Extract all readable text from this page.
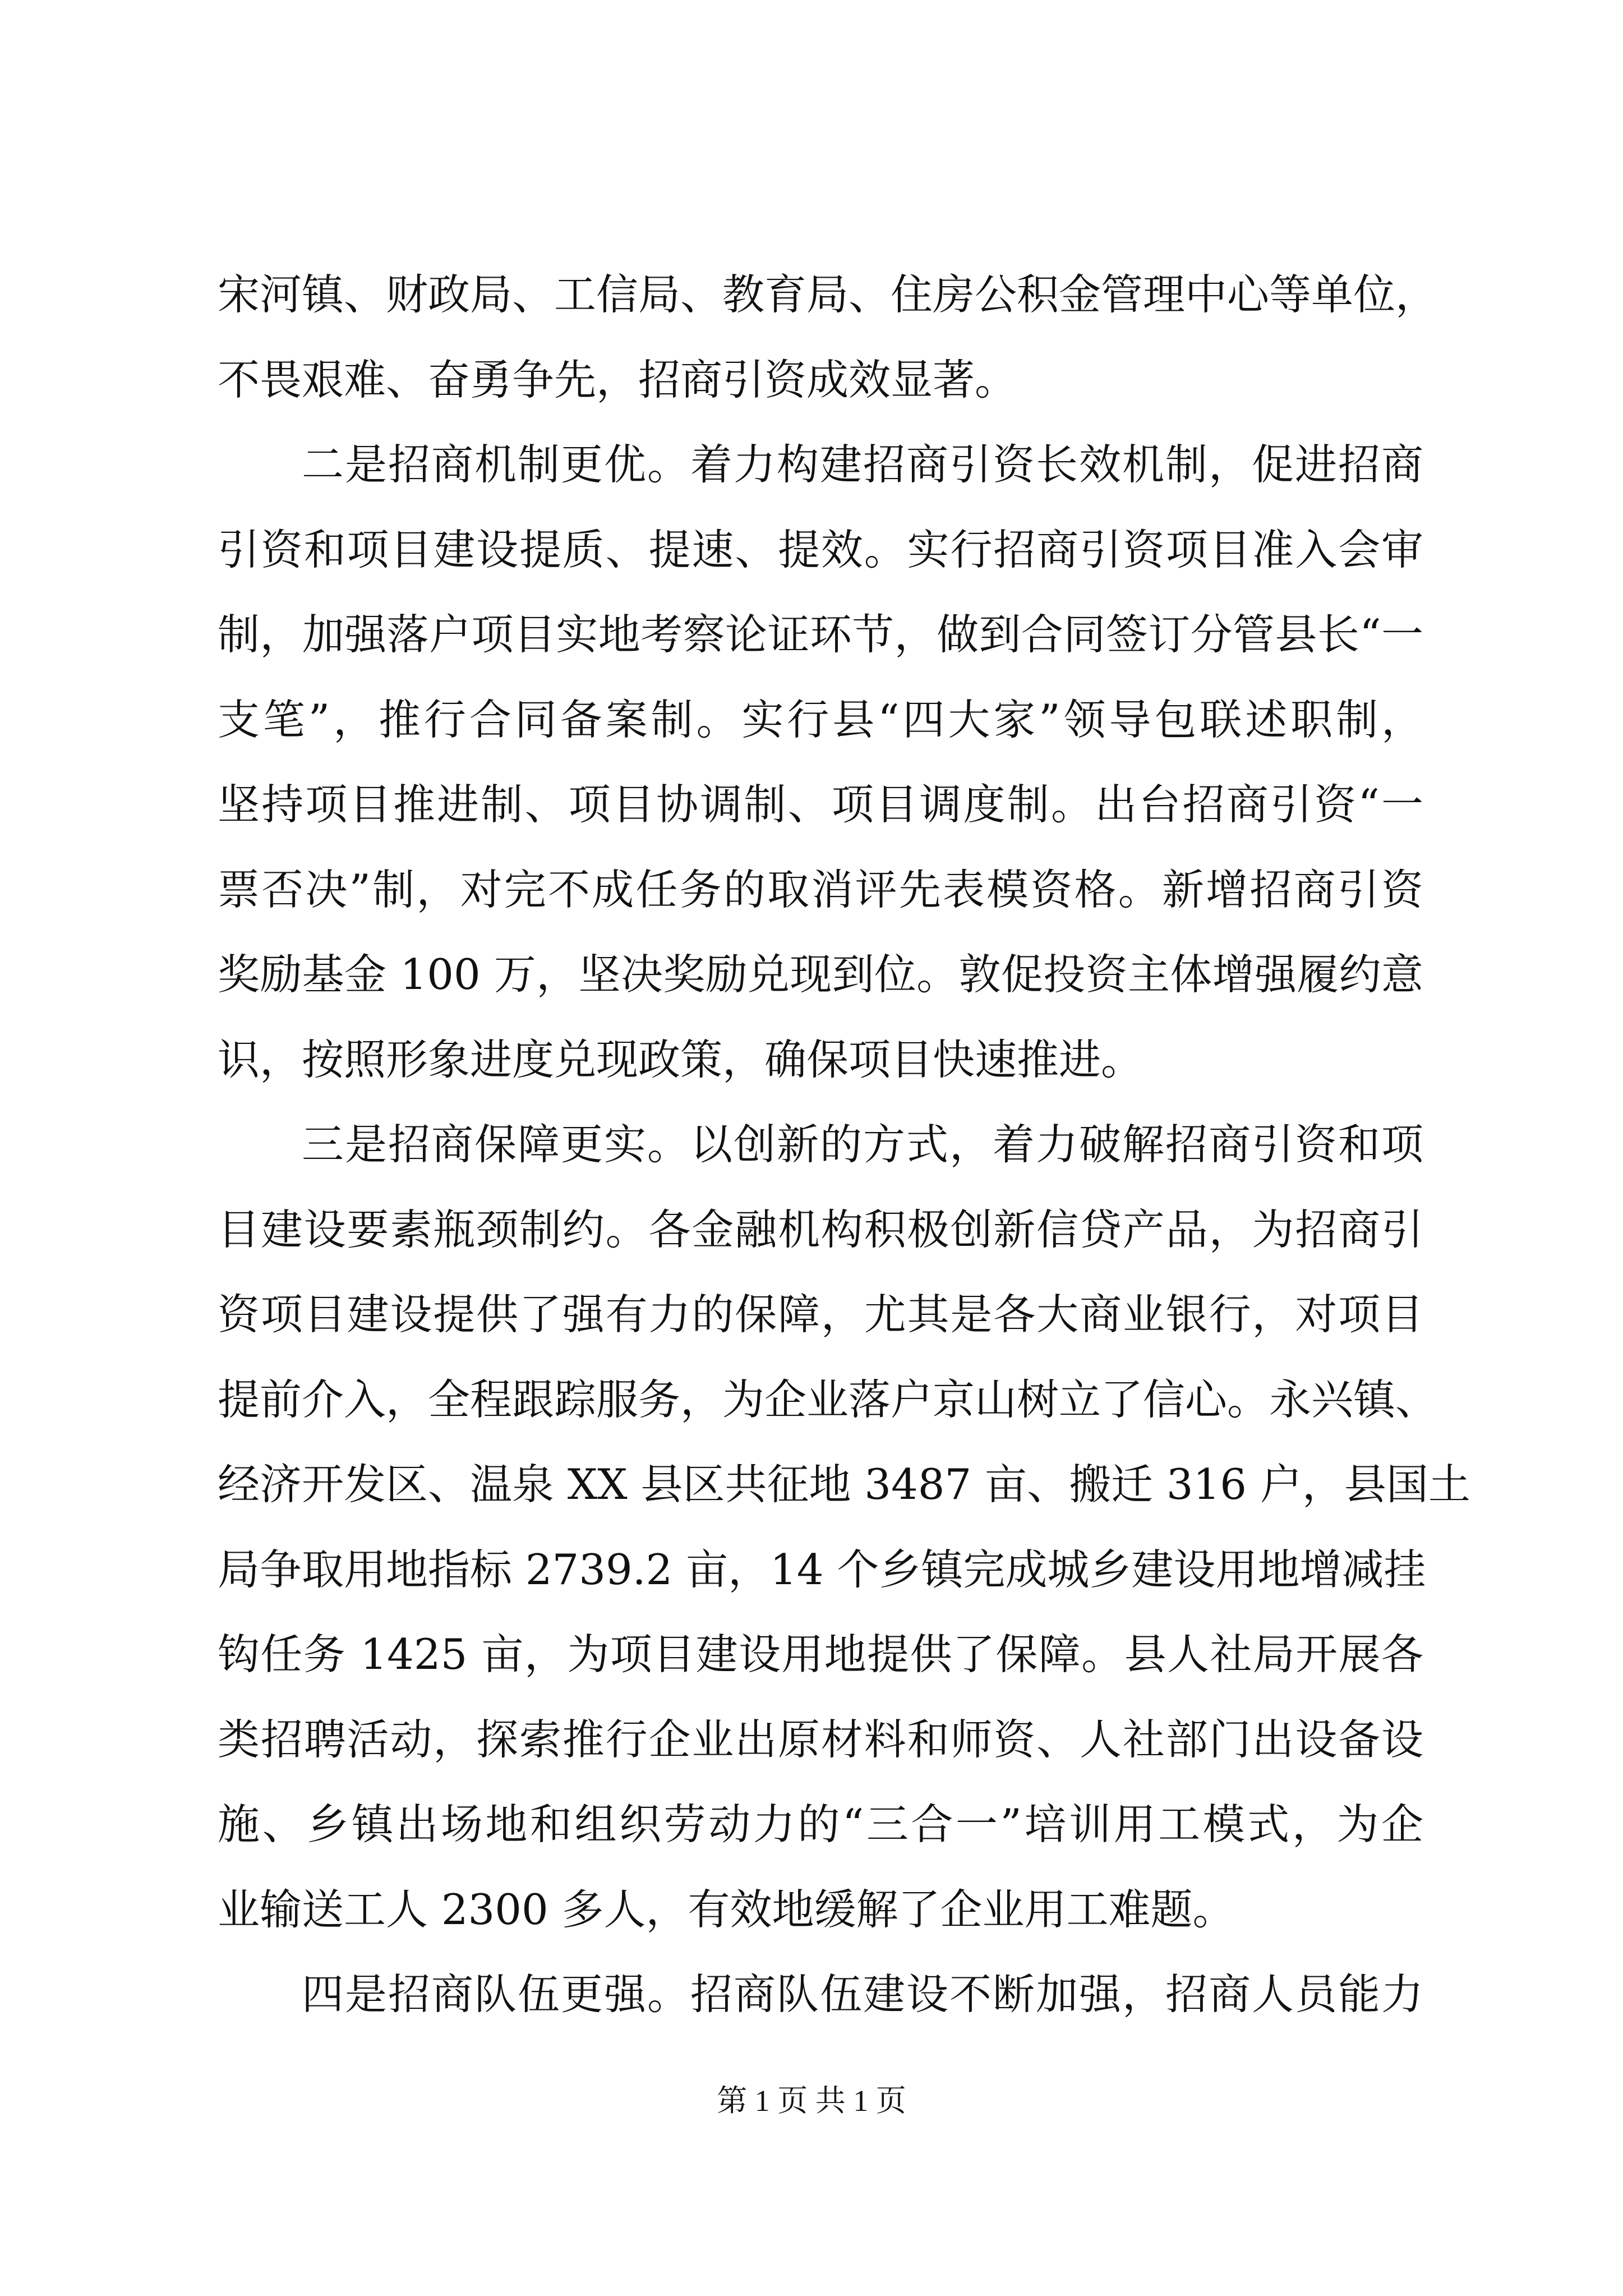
宋河镇、财政局、工信局、教育局、住房公积金管理中心等单位，
不畏艰难、奋勇争先，招商引资成效显著。
二是招商机制更优。着力构建招商引资长效机制，促进招商
引资和项目建设提质、提速、提效。实行招商引资项目准入会审
制，加强落户项目实地考察论证环节，做到合同签订分管县长“一
支笔”，推行合同备案制。实行县“四大家”领导包联述职制，
坚持项目推进制、项目协调制、项目调度制。出台招商引资“一
票否决”制，对完不成任务的取消评先表模资格。新增招商引资
奖励基金 100 万，坚决奖励兑现到位。敦促投资主体增强履约意
识，按照形象进度兑现政策，确保项目快速推进。
三是招商保障更实。以创新的方式，着力破解招商引资和项
目建设要素瓶颈制约。各金融机构积极创新信贷产品，为招商引
资项目建设提供了强有力的保障，尤其是各大商业银行，对项目
提前介入，全程跟踪服务，为企业落户京山树立了信心。永兴镇、
经济开发区、温泉 XX 县区共征地 3487 亩、搬迁 316 户，县国土
局争取用地指标 2739.2 亩，14 个乡镇完成城乡建设用地增减挂
钩任务 1425 亩，为项目建设用地提供了保障。县人社局开展各
类招聘活动，探索推行企业出原材料和师资、人社部门出设备设
施、乡镇出场地和组织劳动力的“三合一”培训用工模式，为企
业输送工人 2300 多人，有效地缓解了企业用工难题。
四是招商队伍更强。招商队伍建设不断加强，招商人员能力
第 1 页 共 1 页
